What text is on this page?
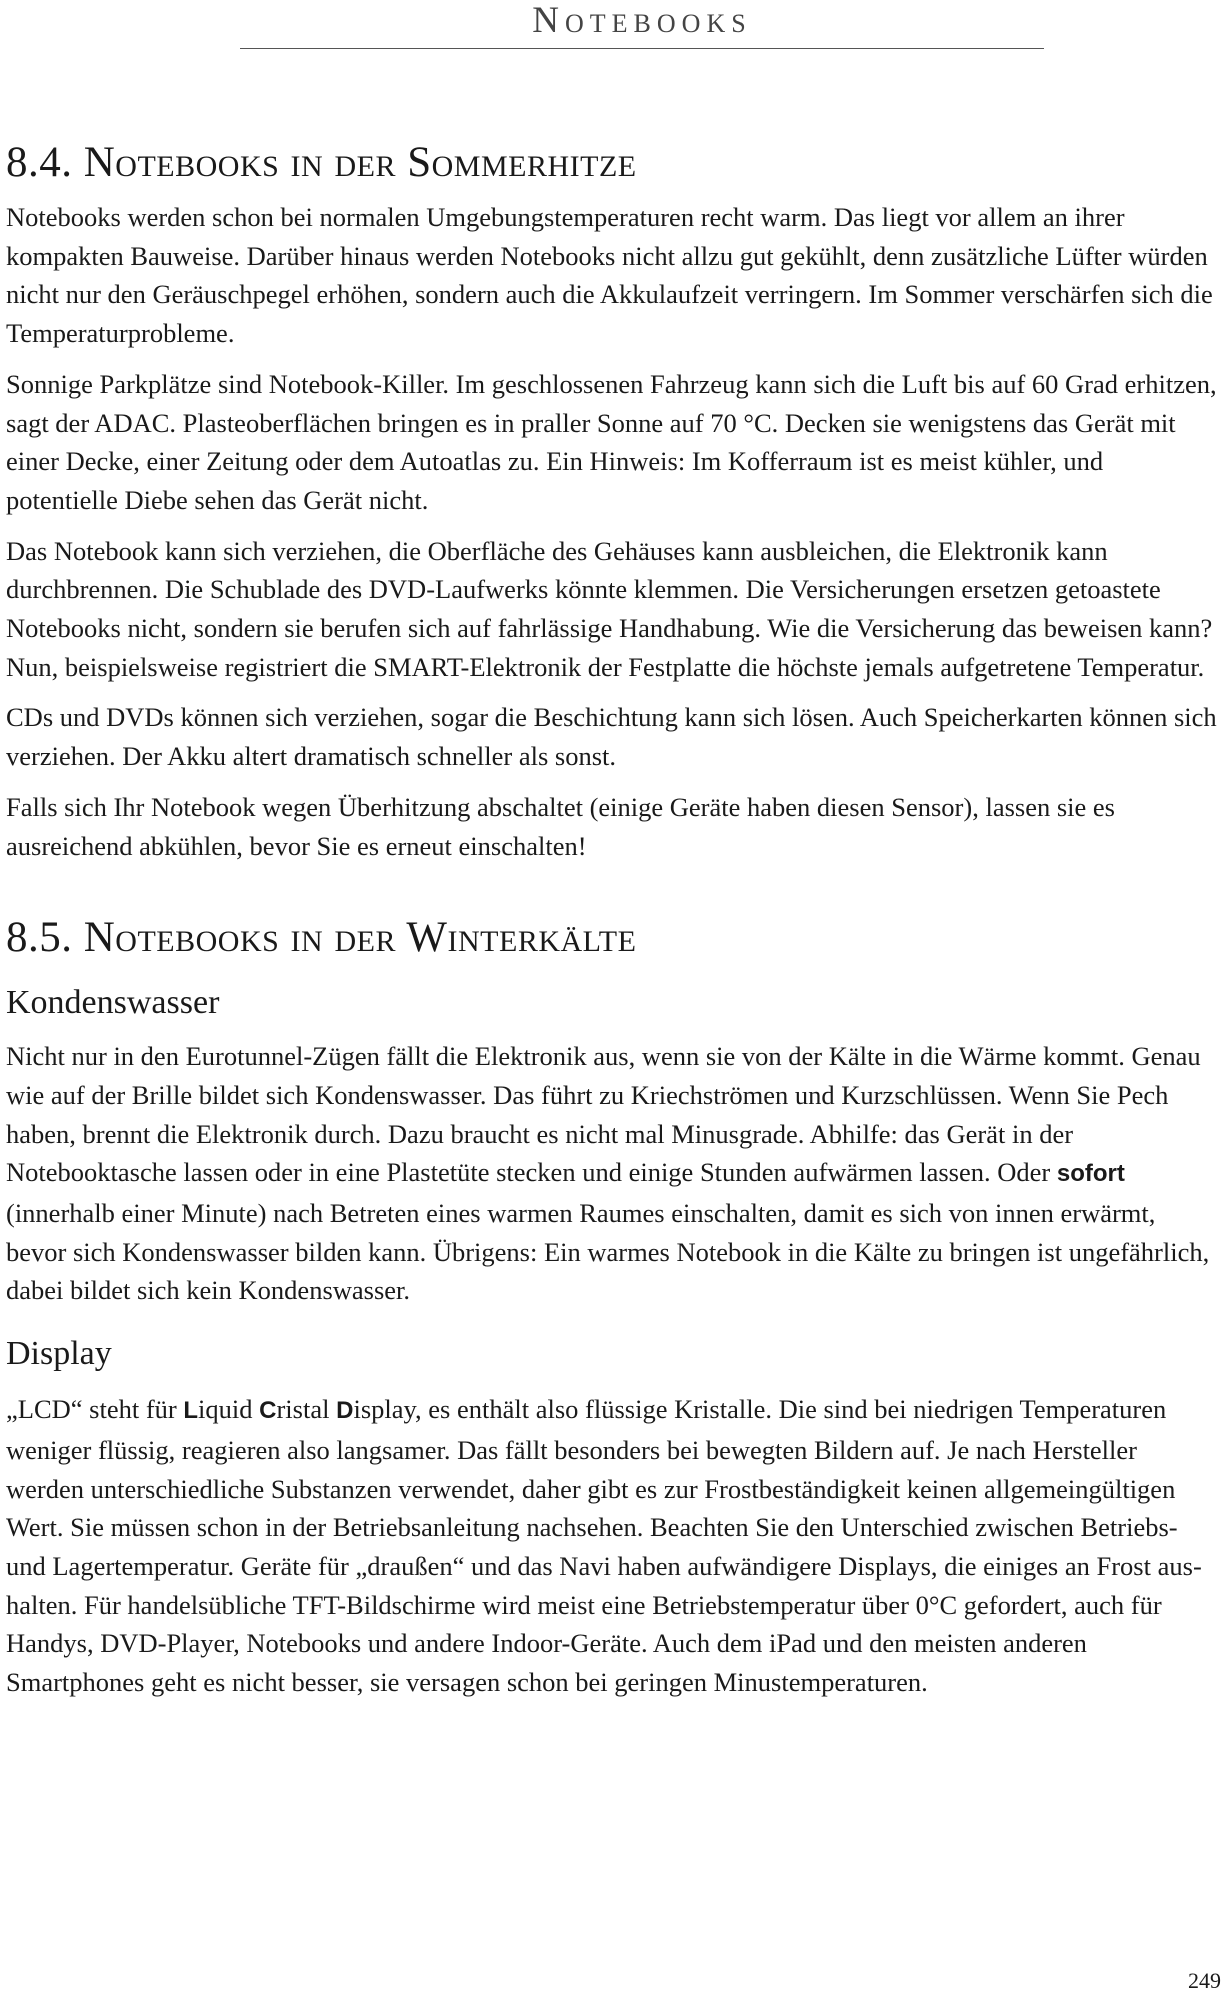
Notebooks
8.4. Notebooks in der Sommerhitze

Notebooks werden schon bei normalen Umgebungstemperaturen recht warm. Das liegt vor allem an ihrer kompakten Bauweise. Darüber hinaus werden Notebooks nicht allzu gut gekühlt, denn zusätzliche Lüfter würden nicht nur den Geräuschpegel erhöhen, sondern auch die Akkulaufzeit verringern. Im Sommer verschärfen sich die Temperaturprobleme.

Sonnige Parkplätze sind Notebook-Killer. Im geschlossenen Fahrzeug kann sich die Luft bis auf 60 Grad erhitzen, sagt der ADAC. Plasteoberflächen bringen es in praller Sonne auf 70 °C. Decken sie wenigstens das Gerät mit einer Decke, einer Zeitung oder dem Autoatlas zu. Ein Hinweis: Im Kofferraum ist es meist kühler, und potentielle Diebe sehen das Gerät nicht.

Das Notebook kann sich verziehen, die Oberfläche des Gehäuses kann ausbleichen, die Elektronik kann durchbrennen. Die Schublade des DVD-Laufwerks könnte klemmen. Die Versicherungen ersetzen getoastete Notebooks nicht, sondern sie berufen sich auf fahrlässige Handhabung. Wie die Versicherung das beweisen kann? Nun, beispielsweise registriert die SMART-Elektronik der Festplatte die höchste jemals aufgetretene Temperatur.

CDs und DVDs können sich verziehen, sogar die Beschichtung kann sich lösen. Auch Speicherkarten können sich verziehen. Der Akku altert dramatisch schneller als sonst.

Falls sich Ihr Notebook wegen Überhitzung abschaltet (einige Geräte haben diesen Sensor), lassen sie es ausreichend abkühlen, bevor Sie es erneut einschalten!

8.5. Notebooks in der Winterkälte
Kondenswasser

Nicht nur in den Eurotunnel-Zügen fällt die Elektronik aus, wenn sie von der Kälte in die Wärme kommt. Genau wie auf der Brille bildet sich Kondenswasser. Das führt zu Kriechströmen und Kurzschlüssen. Wenn Sie Pech haben, brennt die Elektronik durch. Dazu braucht es nicht mal Minusgrade. Abhilfe: das Gerät in der Notebooktasche lassen oder in eine Plastetüte stecken und einige Stunden aufwärmen lassen. Oder sofort (innerhalb einer Minute) nach Betreten eines warmen Raumes einschalten, damit es sich von innen erwärmt, bevor sich Kondenswasser bilden kann. Übrigens: Ein warmes Notebook in die Kälte zu bringen ist ungefährlich, dabei bildet sich kein Kondenswasser.

Display

„LCD“ steht für Liquid Cristal Display, es enthält also flüssige Kristalle. Die sind bei niedrigen Temperaturen weniger flüssig, reagieren also langsamer. Das fällt besonders bei bewegten Bildern auf. Je nach Hersteller werden unterschiedliche Substanzen verwendet, daher gibt es zur Frostbeständigkeit keinen allgemeingültigen Wert. Sie müssen schon in der Betriebsanleitung nachsehen. Beachten Sie den Unterschied zwischen Betriebs- und Lagertemperatur. Geräte für „draußen“ und das Navi haben aufwändigere Displays, die einiges an Frost aushalten. Für handelsübliche TFT-Bildschirme wird meist eine Betriebstemperatur über 0°C gefordert, auch für Handys, DVD-Player, Notebooks und andere Indoor-Geräte. Auch dem iPad und den meisten anderen Smartphones geht es nicht besser, sie versagen schon bei geringen Minustemperaturen.

249
